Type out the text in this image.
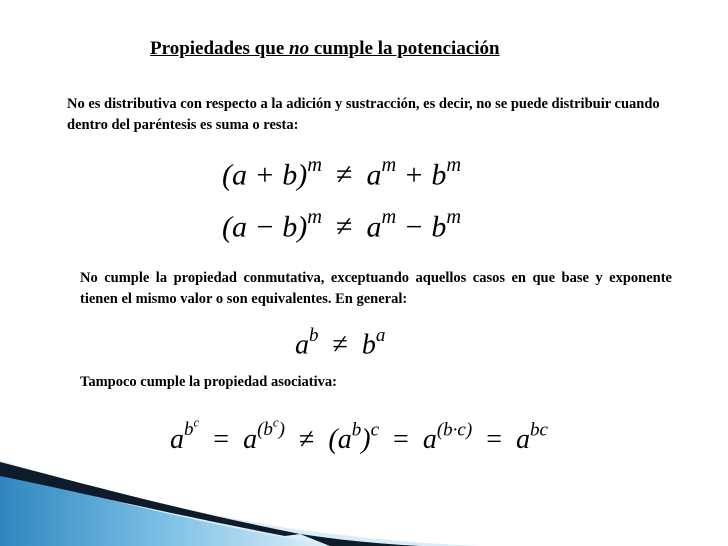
Propiedades que no cumple la potenciación
No es distributiva con respecto a la adición y sustracción, es decir, no se puede distribuir cuando dentro del paréntesis es suma o resta:
$(a + b)^m \ne a^m + b^m$
$(a - b)^m \ne a^m - b^m$
No cumple la propiedad conmutativa, exceptuando aquellos casos en que base y exponente tienen el mismo valor o son equivalentes. En general:
$a^b \ne b^a$
Tampoco cumple la propiedad asociativa:
$a^{b^c}= a^{(b^c)} \ne (a^b)^c = a^{(b\cdot c)} = a^{bc}$
